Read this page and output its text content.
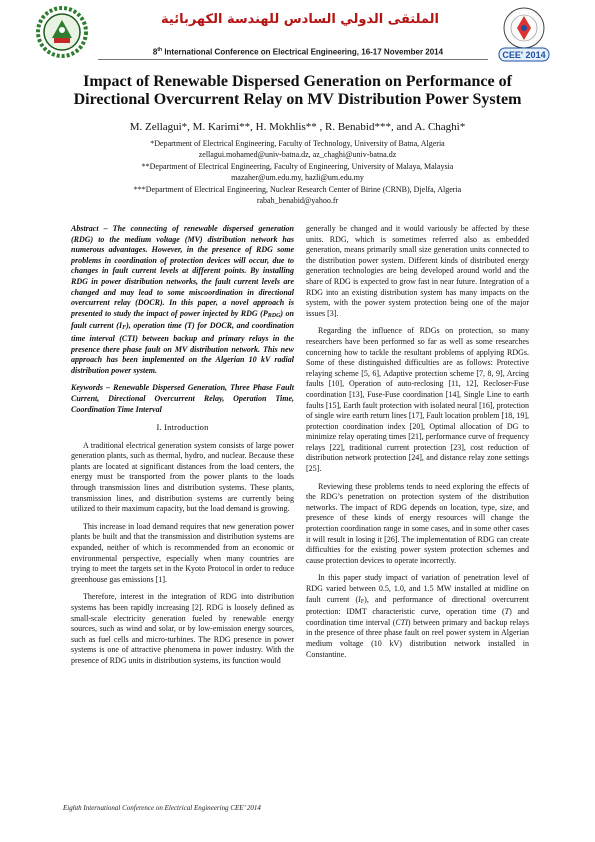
الملتقى الدولي السادس للهندسة الكهربائية
8th International Conference on Electrical Engineering, 16-17 November 2014	CEE' 2014
Impact of Renewable Dispersed Generation on Performance of
Directional Overcurrent Relay on MV Distribution Power System
M. Zellagui*, M. Karimi**, H. Mokhlis** , R. Benabid***, and A. Chaghi*
*Department of Electrical Engineering, Faculty of Technology, University of Batna, Algeria
zellagui.mohamed@univ-batna.dz, az_chaghi@univ-batna.dz
**Department of Electrical Engineering, Faculty of Engineering, University of Malaya, Malaysia
mazaher@um.edu.my, hazli@um.edu.my
***Department of Electrical Engineering, Nuclear Research Center of Birine (CRNB), Djelfa, Algeria
rabah_benabid@yahoo.fr

Abstract – The connecting of renewable dispersed generation (RDG) to the medium voltage (MV) distribution network has numerous advantages. However, in the presence of RDG some problems in coordination of protection devices will occur, due to changes in fault current levels at different points. By installing RDG in power distribution networks, the fault current levels are changed and may lead to some miscoordination in directional overcurrent relay (DOCR). In this paper, a novel approach is presented to study the impact of power injected by RDG $(P_{RDG})$ on fault current $(I_F)$, operation time (T) for DOCR, and coordination time interval (CTI) between backup and primary relays in the presence there phase fault on MV distribution network. This new approach has been implemented on the Algerian 10 kV radial distribution power system.

Keywords – Renewable Dispersed Generation, Three Phase Fault Current, Directional Overcurrent Relay, Operation Time, Coordination Time Interval

I. Introduction

A traditional electrical generation system consists of large power generation plants, such as thermal, hydro, and nuclear. Because these plants are located at significant distances from the load centers, the energy must be transported from the power plants to the loads through transmission lines and distribution systems. These plants, transmission lines, and distribution systems are currently being utilized to their maximum capacity, but the load demand is growing.

This increase in load demand requires that new generation power plants be built and that the transmission and distribution systems are expanded, neither of which is recommended from an economic or environmental perspective, especially when many countries are trying to meet the targets set in the Kyoto Protocol in order to reduce greenhouse gas emissions [1].

Therefore, interest in the integration of RDG into distribution systems has been rapidly increasing [2]. RDG is loosely defined as small-scale electricity generation fueled by renewable energy sources, such as wind and solar, or by low-emission energy sources, such as fuel cells and micro-turbines. The RDG presence in power systems is one of attractive phenomena in power industry. With the presence of RDG units in distribution systems, its function would

generally be changed and it would variously be affected by these units. RDG, which is sometimes referred also as embedded generation, means primarily small size generation units connected to the distribution power system. Different kinds of distributed energy generation technologies are being developed around world and the share of RDG is expected to grow fast in near future. Integration of a RDG into an existing distribution system has many impacts on the system, with the power system protection being one of the major issues [3].

Regarding the influence of RDGs on protection, so many researchers have been performed so far as well as some researches concerning how to tackle the resultant problems of applying RDGs. Some of these distinguished difficulties are as follows: Protective relaying scheme [5, 6], Adaptive protection scheme [7, 8, 9], Arcing faults [10], Operation of auto-reclosing [11, 12], Recloser-Fuse coordination [13], Fuse-Fuse coordination [14], Single Line to earth faults [15], Earth fault protection with isolated neural [16], protection of single wire earth return lines [17], Fault location problem [18, 19], protection coordination index [20], Optimal allocation of DG to minimize relay operating times [21], performance curve of frequency relays [22], traditional current protection [23], cost reduction of distribution network protection [24], and distance relay zone settings [25].

Reviewing these problems tends to need exploring the effects of the RDG’s penetration on protection system of the distribution networks. The impact of RDG depends on location, type, size, and presence of these kinds of energy resources will change the protection coordination range in some cases, and in some other cases it will result in losing it [26]. The implementation of RDG can create difficulties for the existing power system protection schemes and cause protection devices to operate incorrectly.

In this paper study impact of variation of penetration level of RDG varied between 0.5, 1.0, and 1.5 MW installed at midline on fault current $(I_F)$, and performance of directional overcurrent protection: IDMT characteristic curve, operation time (T) and coordination time interval (CTI) between primary and backup relays in the presence of three phase fault on reel power system in Algerian medium voltage (10 kV) distribution network installed in Constantine.

Eighth International Conference on Electrical Engineering CEE’ 2014
